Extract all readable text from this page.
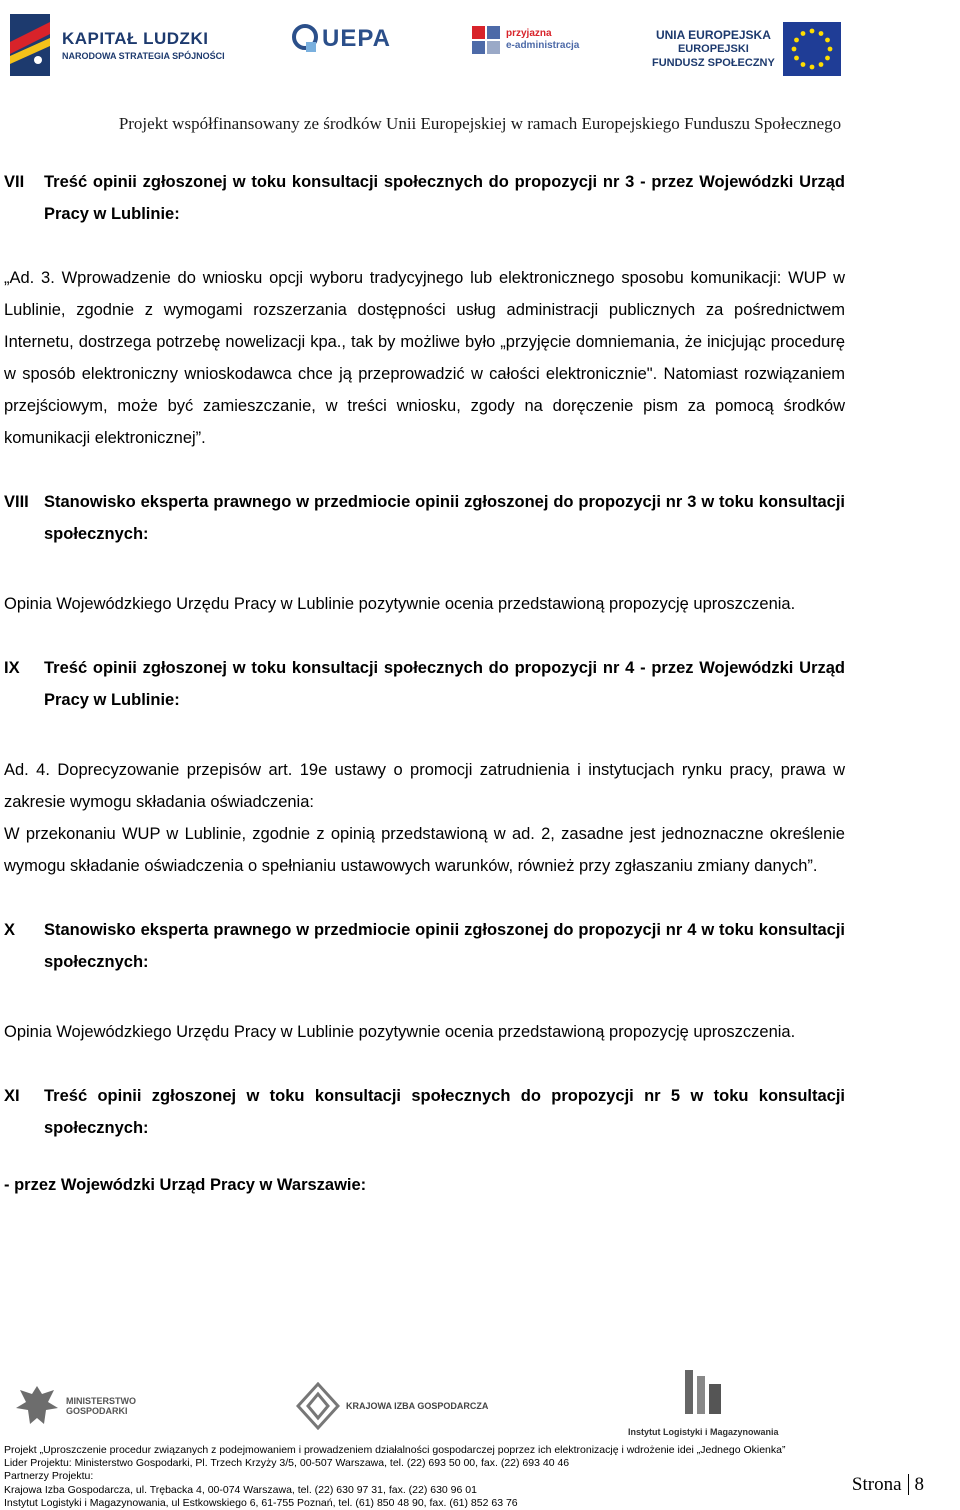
KAPITAŁ LUDZKI
NARODOWA STRATEGIA SPÓJNOŚCI
UEPA	przyjazna
e-administracja
UNIA EUROPEJSKA
EUROPEJSKI
FUNDUSZ SPOŁECZNY
Projekt współfinansowany ze środków Unii Europejskiej w ramach Europejskiego Funduszu Społecznego
VII	Treść opinii zgłoszonej w toku konsultacji społecznych do propozycji nr 3 - przez Wojewódzki Urząd Pracy w Lublinie:
„Ad. 3. Wprowadzenie do wniosku opcji wyboru tradycyjnego lub elektronicznego sposobu komunikacji: WUP w Lublinie, zgodnie z wymogami rozszerzania dostępności usług administracji publicznych za pośrednictwem Internetu, dostrzega potrzebę nowelizacji kpa., tak by możliwe było „przyjęcie domniemania, że inicjując procedurę w sposób elektroniczny wnioskodawca chce ją przeprowadzić w całości elektronicznie". Natomiast rozwiązaniem przejściowym, może być zamieszczanie, w treści wniosku, zgody na doręczenie pism za pomocą środków komunikacji elektronicznej”.
VIII Stanowisko eksperta prawnego w przedmiocie opinii zgłoszonej do propozycji nr 3 w toku konsultacji społecznych:
Opinia Wojewódzkiego Urzędu Pracy w Lublinie pozytywnie ocenia przedstawioną propozycję uproszczenia.
IX	Treść opinii zgłoszonej w toku konsultacji społecznych do propozycji nr 4 - przez Wojewódzki Urząd Pracy w Lublinie:
Ad. 4. Doprecyzowanie przepisów art. 19e ustawy o promocji zatrudnienia i instytucjach rynku pracy, prawa w zakresie wymogu składania oświadczenia:
W przekonaniu WUP w Lublinie, zgodnie z opinią przedstawioną w ad. 2, zasadne jest jednoznaczne określenie wymogu składanie oświadczenia o spełnianiu ustawowych warunków, również przy zgłaszaniu zmiany danych”.
X	Stanowisko eksperta prawnego w przedmiocie opinii zgłoszonej do propozycji nr 4 w toku konsultacji społecznych:
Opinia Wojewódzkiego Urzędu Pracy w Lublinie pozytywnie ocenia przedstawioną propozycję uproszczenia.
XI	Treść opinii zgłoszonej w toku konsultacji społecznych do propozycji nr 5 w toku konsultacji społecznych:
- przez Wojewódzki Urząd Pracy w Warszawie:
MINISTERSTWO GOSPODARKI	KRAJOWA IZBA GOSPODARCZA
Instytut Logistyki i Magazynowania
Projekt „Uproszczenie procedur związanych z podejmowaniem i prowadzeniem działalności gospodarczej poprzez ich elektronizację i wdrożenie idei „Jednego Okienka”
Lider Projektu: Ministerstwo Gospodarki, Pl. Trzech Krzyży 3/5, 00-507 Warszawa, tel. (22) 693 50 00, fax. (22) 693 40 46
Partnerzy Projektu:
Krajowa Izba Gospodarcza, ul. Trębacka 4, 00-074 Warszawa, tel. (22) 630 97 31, fax. (22) 630 96 01
Instytut Logistyki i Magazynowania, ul Estkowskiego 6, 61-755 Poznań, tel. (61) 850 48 90, fax. (61) 852 63 76
Strona 8
